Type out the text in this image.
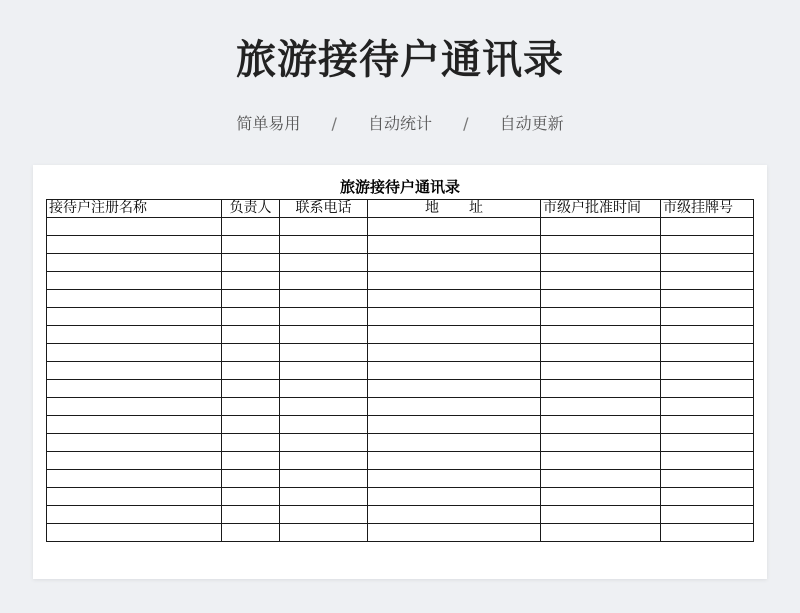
旅游接待户通讯录
简单易用 / 自动统计 / 自动更新
旅游接待户通讯录
接待户注册名称	负责人	联系电话	地址	市级户批准时间	市级挂牌号
